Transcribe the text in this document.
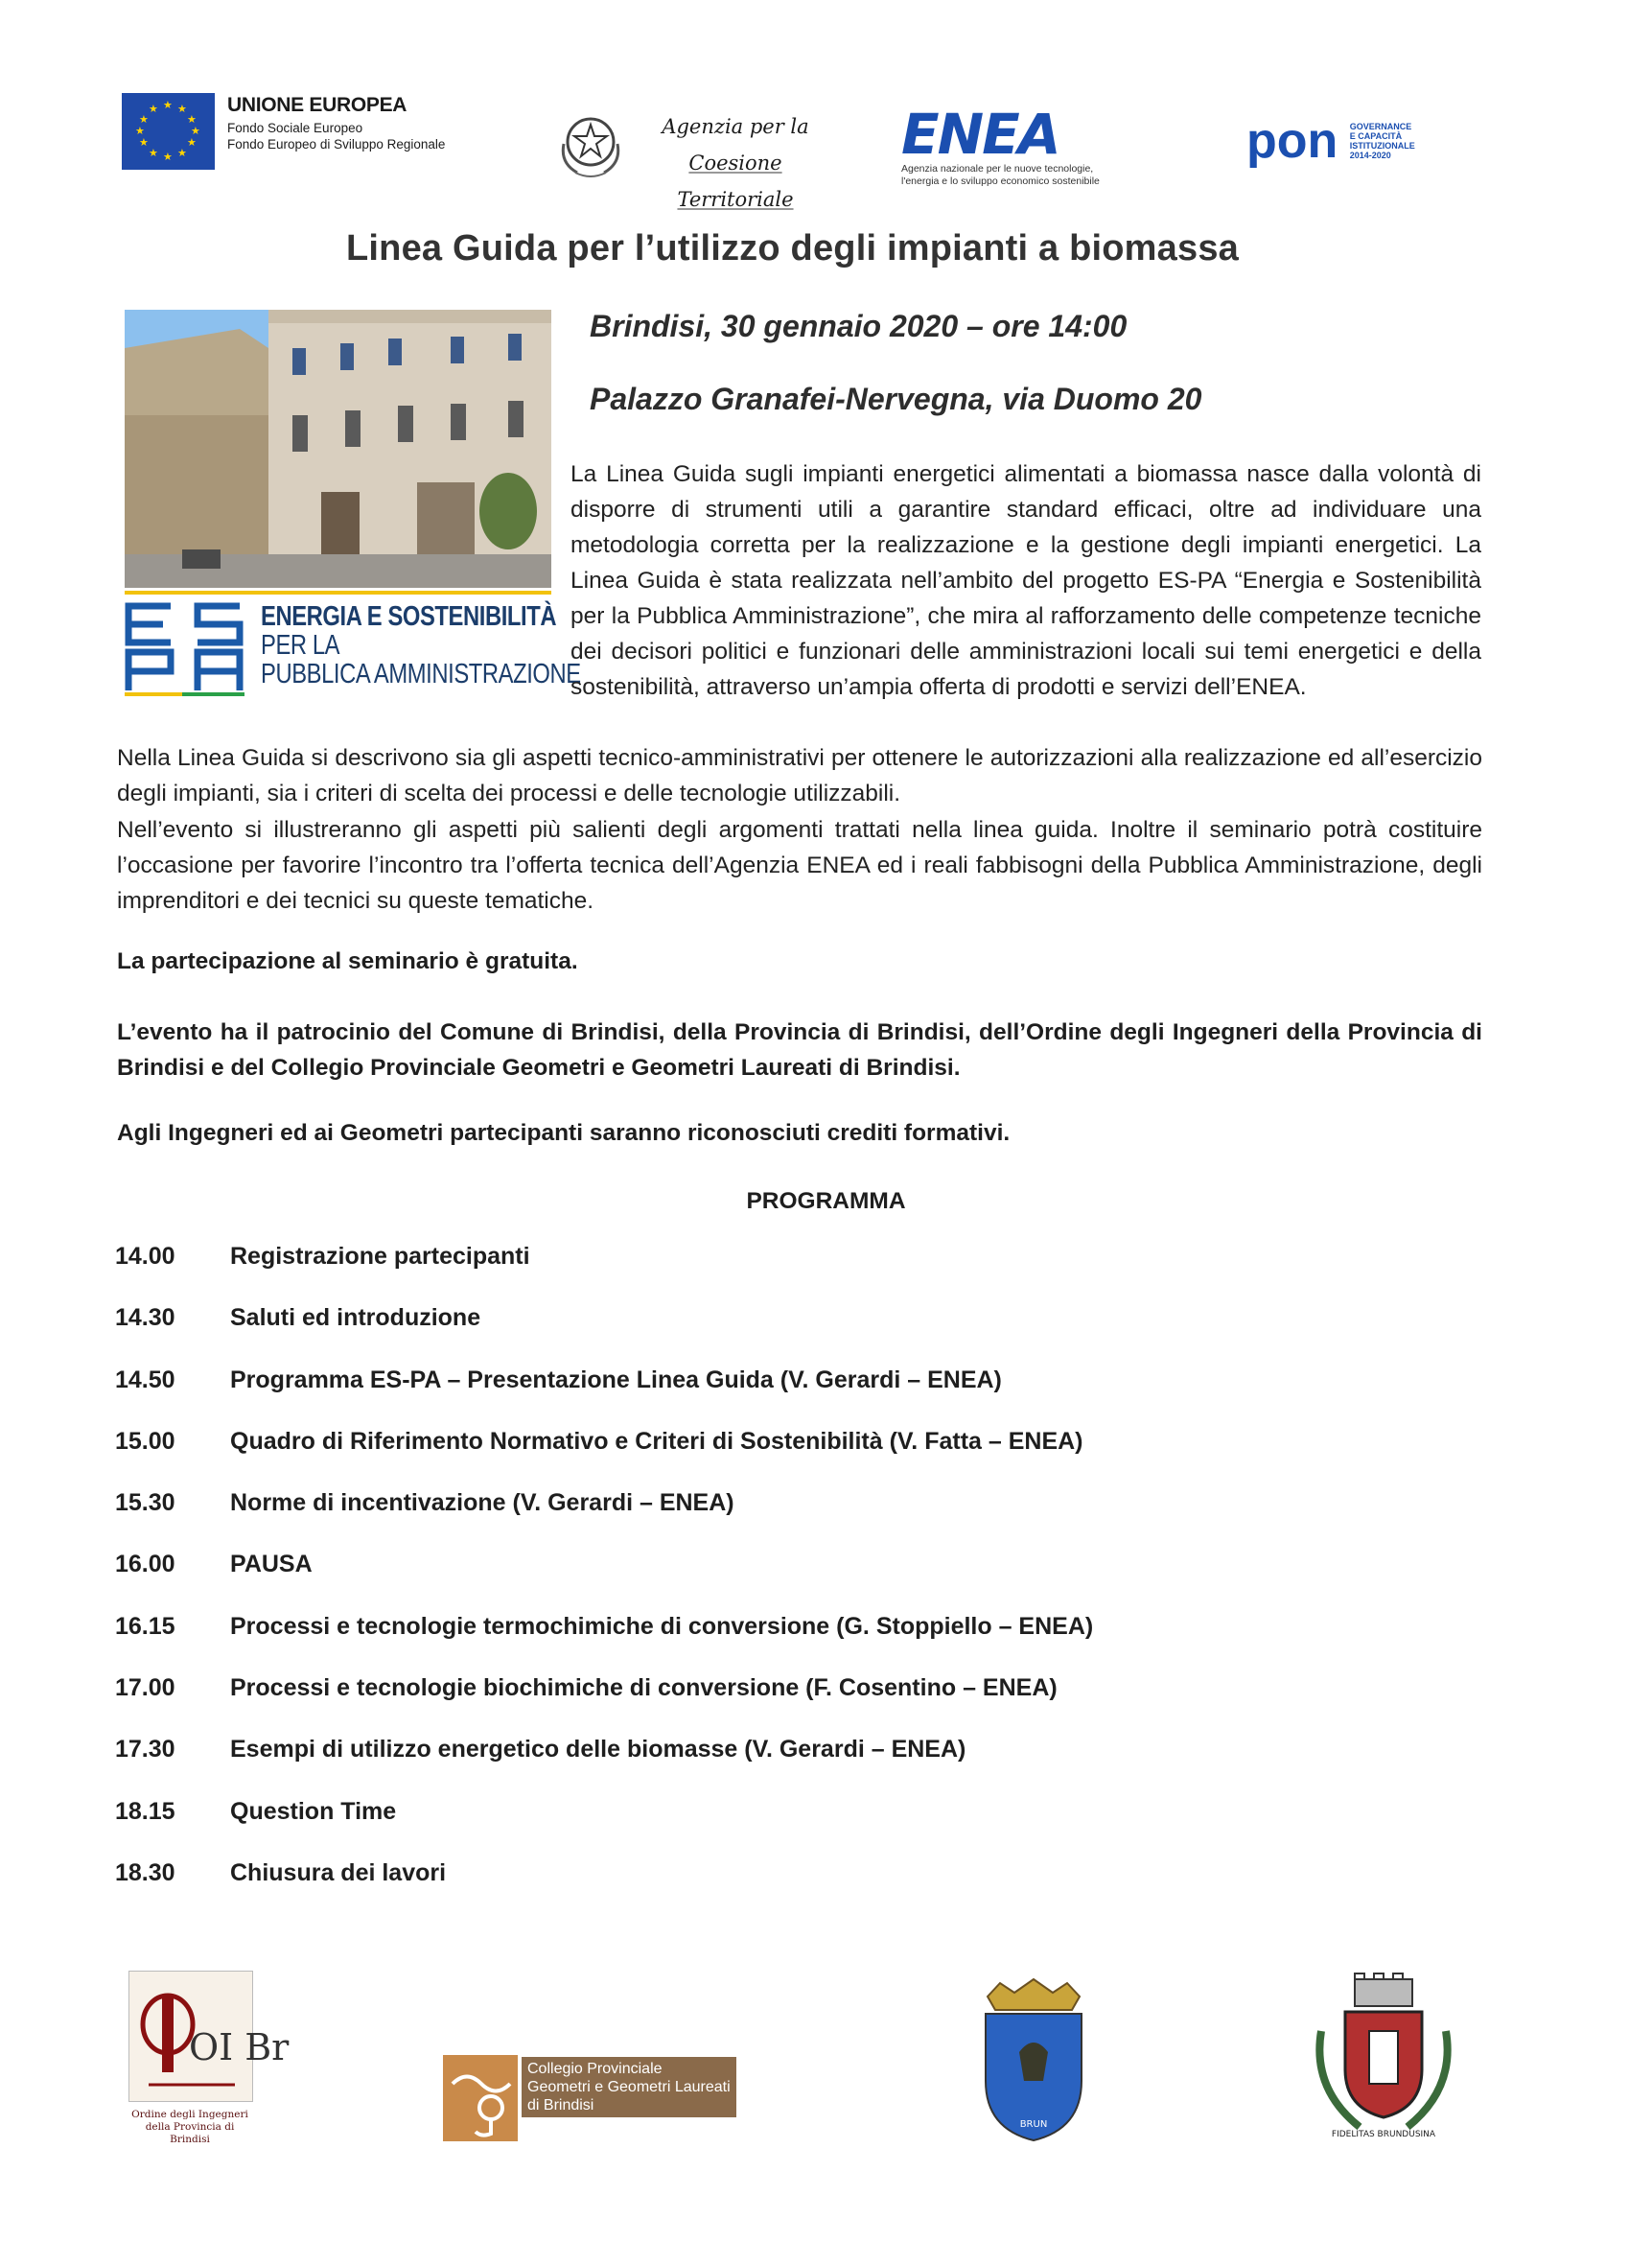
★ ★
★
★
★
★
★
★
★
★
★
★	UNIONE EUROPEA
Fondo Sociale Europeo
Fondo Europeo di Sviluppo Regionale
Agenzia per la
Coesione Territoriale
ENEA
Agenzia nazionale per le nuove tecnologie,
l'energia e lo sviluppo economico sostenibile
pon GOVERNANCE
E CAPACITÀ
ISTITUZIONALE
2014-2020
Linea Guida per l’utilizzo degli impianti a biomassa
ENERGIA E SOSTENIBILITÀ
PER LA
PUBBLICA AMMINISTRAZIONE
Brindisi, 30 gennaio 2020 – ore 14:00
Palazzo Granafei-Nervegna, via Duomo 20
La Linea Guida sugli impianti energetici alimentati a biomassa nasce dalla volontà di disporre di strumenti utili a garantire standard efficaci, oltre ad individuare una metodologia corretta per la realizzazione e la gestione degli impianti energetici. La Linea Guida è stata realizzata nell’ambito del progetto ES-PA “Energia e Sostenibilità per la Pubblica Amministrazione”, che mira al rafforzamento delle competenze tecniche dei decisori politici e funzionari delle amministrazioni locali sui temi energetici e della sostenibilità, attraverso un’ampia offerta di prodotti e servizi dell’ENEA.
Nella Linea Guida si descrivono sia gli aspetti tecnico-amministrativi per ottenere le autorizzazioni alla realizzazione ed all’esercizio degli impianti, sia i criteri di scelta dei processi e delle tecnologie utilizzabili.
Nell’evento si illustreranno gli aspetti più salienti degli argomenti trattati nella linea guida. Inoltre il seminario potrà costituire l’occasione per favorire l’incontro tra l’offerta tecnica dell’Agenzia ENEA ed i reali fabbisogni della Pubblica Amministrazione, degli imprenditori e dei tecnici su queste tematiche.
La partecipazione al seminario è gratuita.
L’evento ha il patrocinio del Comune di Brindisi, della Provincia di Brindisi, dell’Ordine degli Ingegneri della Provincia di Brindisi e del Collegio Provinciale Geometri e Geometri Laureati di Brindisi.
Agli Ingegneri ed ai Geometri partecipanti saranno riconosciuti crediti formativi.
PROGRAMMA
14.00	Registrazione partecipanti
14.30	Saluti ed introduzione
14.50	Programma ES-PA – Presentazione Linea Guida (V. Gerardi – ENEA)
15.00	Quadro di Riferimento Normativo e Criteri di Sostenibilità (V. Fatta – ENEA)
15.30	Norme di incentivazione (V. Gerardi – ENEA)
16.00	PAUSA
16.15	Processi e tecnologie termochimiche di conversione (G. Stoppiello – ENEA)
17.00	Processi e tecnologie biochimiche di conversione (F. Cosentino – ENEA)
17.30	Esempi di utilizzo energetico delle biomasse (V. Gerardi – ENEA)
18.15	Question Time
18.30	Chiusura dei lavori
OI Br
Ordine degli Ingegneri
della Provincia di
Brindisi
Collegio Provinciale
Geometri e Geometri Laureati
di Brindisi
BRUN
FIDELITAS BRUNDUSINA
